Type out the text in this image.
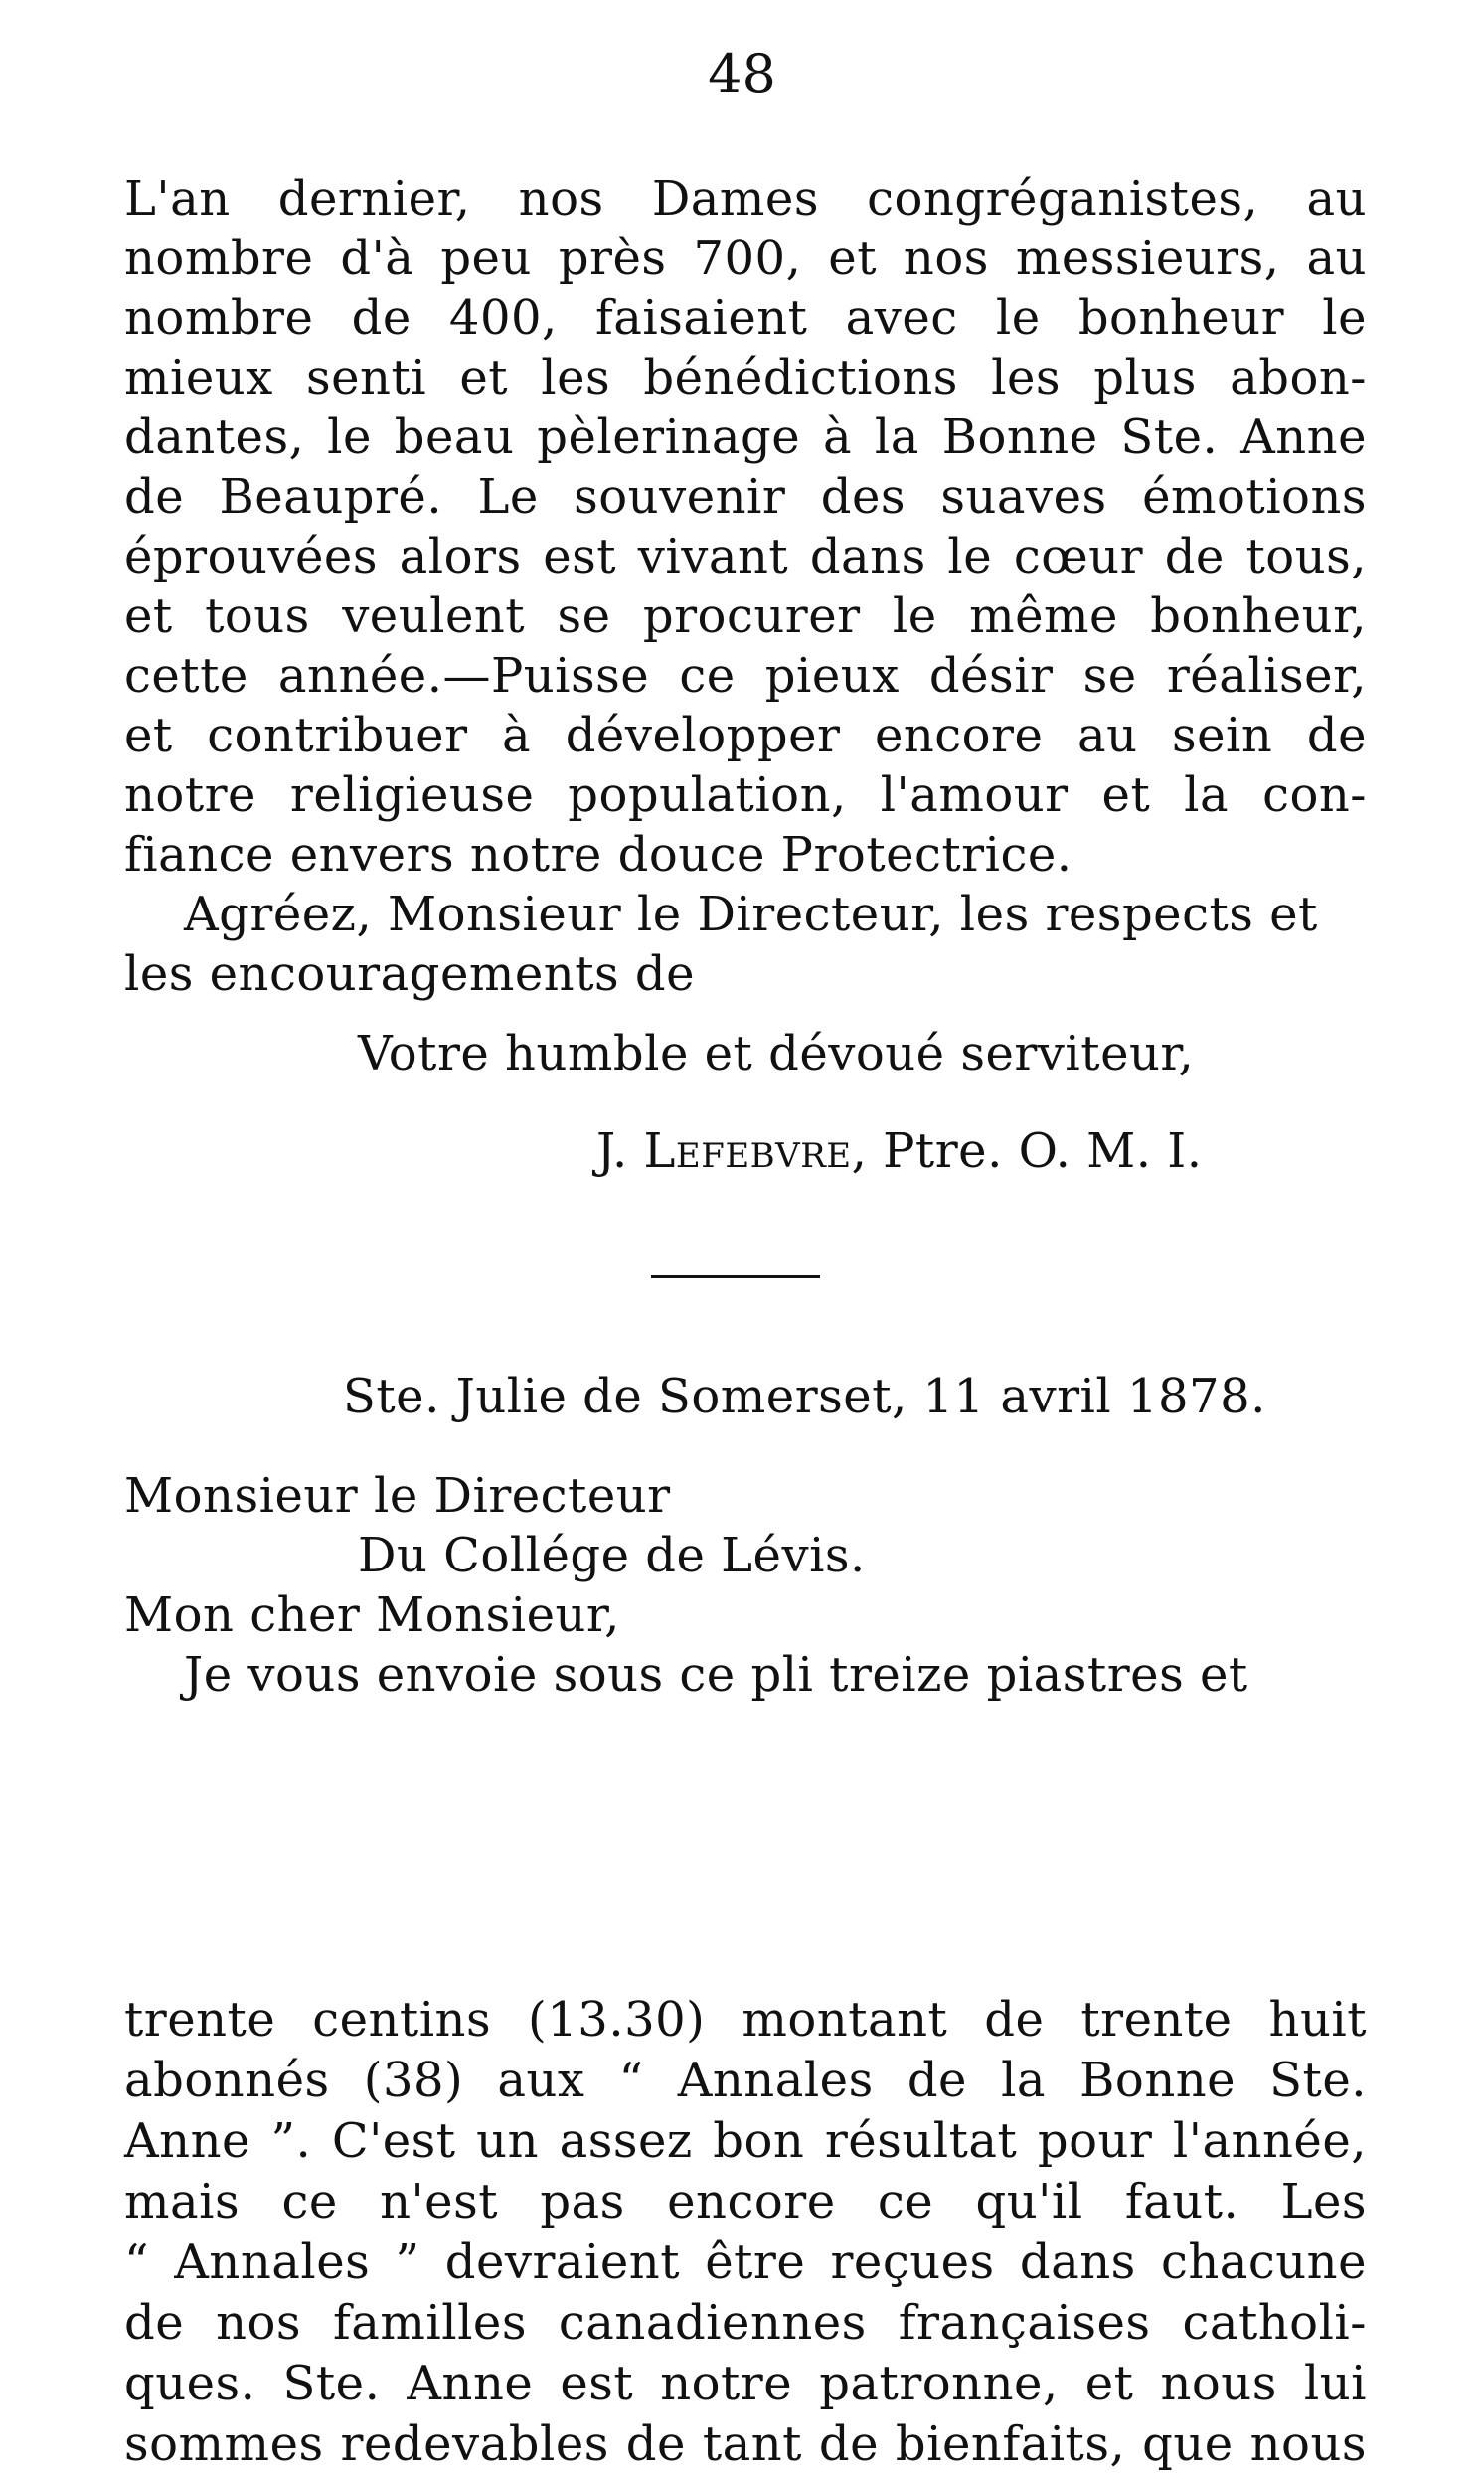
48
L'an dernier, nos Dames congréganistes, au
nombre d'à peu près 700, et nos messieurs, au
nombre de 400, faisaient avec le bonheur le
mieux senti et les bénédictions les plus abon-
dantes, le beau pèlerinage à la Bonne Ste. Anne
de Beaupré. Le souvenir des suaves émotions
éprouvées alors est vivant dans le cœur de tous,
et tous veulent se procurer le même bonheur,
cette année.—Puisse ce pieux désir se réaliser,
et contribuer à développer encore au sein de
notre religieuse population, l'amour et la con-
fiance envers notre douce Protectrice.
Agréez, Monsieur le Directeur, les respects et
les encouragements de
Votre humble et dévoué serviteur,
J. Lefebvre, Ptre. O. M. I.
Ste. Julie de Somerset, 11 avril 1878.
Monsieur le Directeur
Du Collége de Lévis.
Mon cher Monsieur,
Je vous envoie sous ce pli treize piastres et
trente centins (13.30) montant de trente huit
abonnés (38) aux “ Annales de la Bonne Ste.
Anne ”. C'est un assez bon résultat pour l'année,
mais ce n'est pas encore ce qu'il faut. Les
“ Annales ” devraient être reçues dans chacune
de nos familles canadiennes françaises catholi-
ques. Ste. Anne est notre patronne, et nous lui
sommes redevables de tant de bienfaits, que nous
